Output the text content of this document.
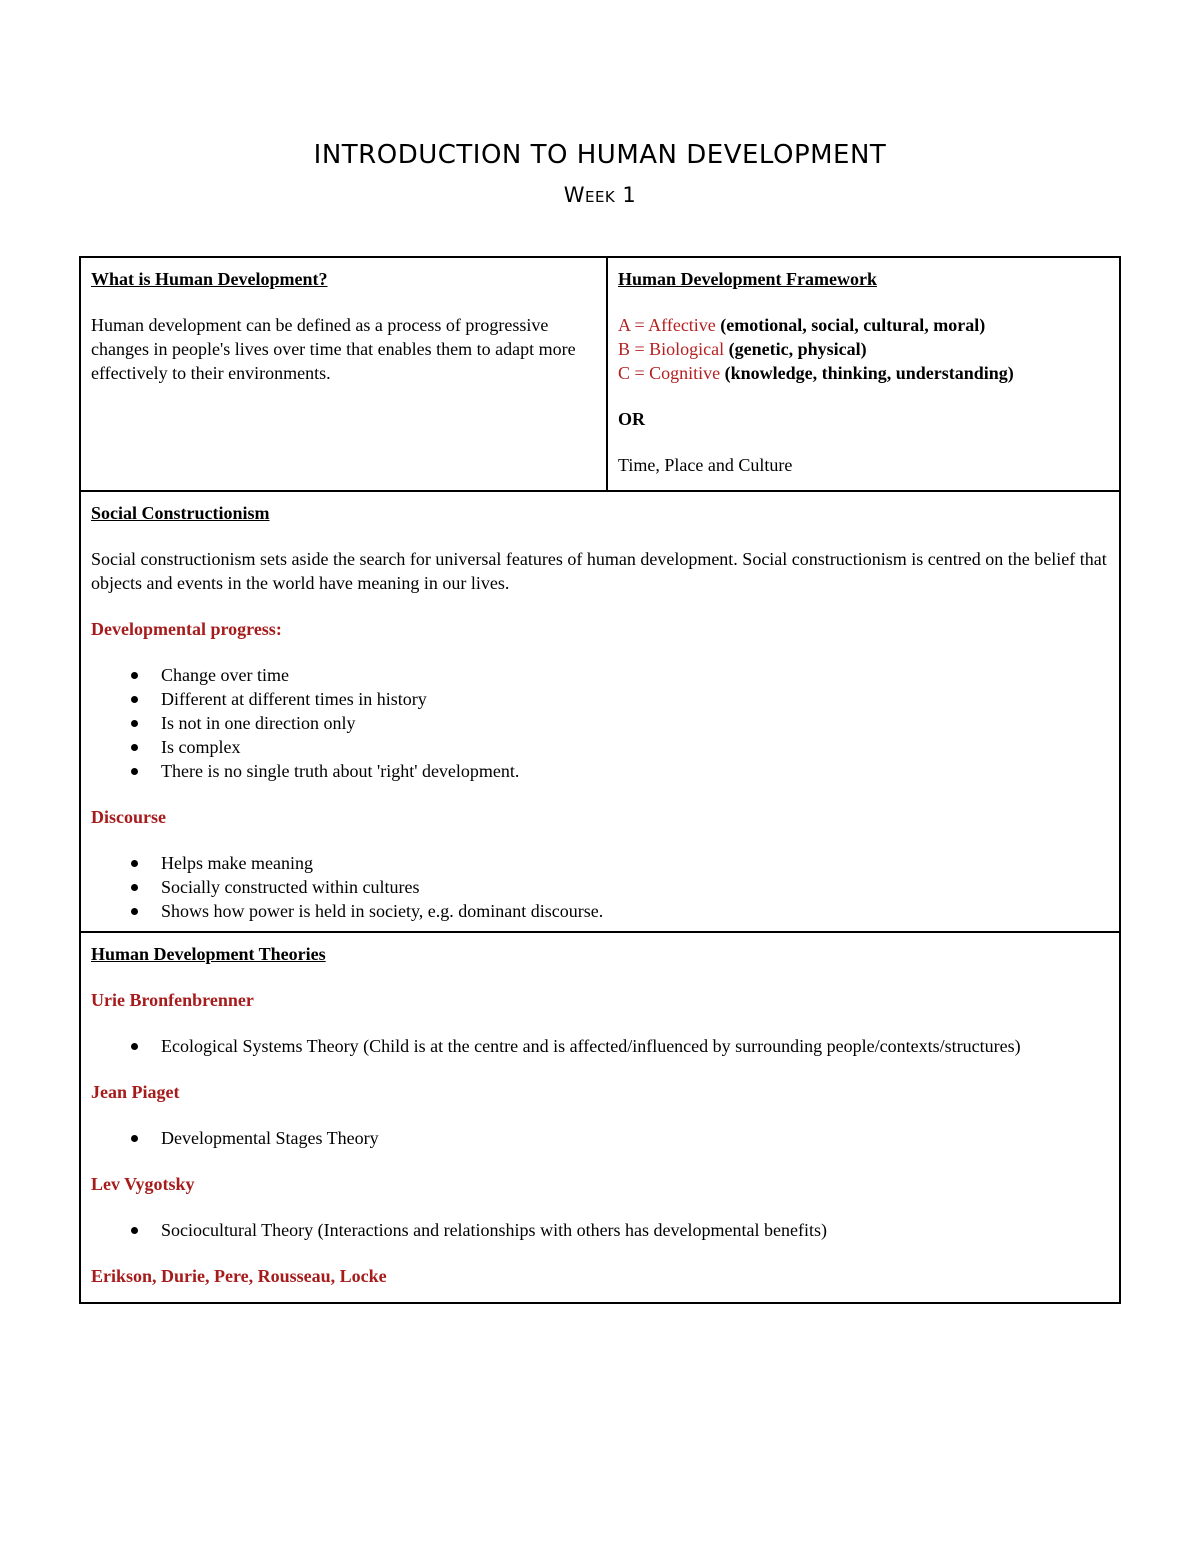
INTRODUCTION TO HUMAN DEVELOPMENT
Week 1

What is Human Development?

Human development can be defined as a process of progressive changes in people's lives over time that enables them to adapt more effectively to their environments.

Human Development Framework

A = Affective (emotional, social, cultural, moral)

B = Biological (genetic, physical)

C = Cognitive (knowledge, thinking, understanding)

OR

Time, Place and Culture

Social Constructionism

Social constructionism sets aside the search for universal features of human development. Social constructionism is centred on the belief that objects and events in the world have meaning in our lives.

Developmental progress:

Change over time
Different at different times in history
Is not in one direction only
Is complex
There is no single truth about 'right' development.

Discourse

Helps make meaning
Socially constructed within cultures
Shows how power is held in society, e.g. dominant discourse.

Human Development Theories

Urie Bronfenbrenner

Ecological Systems Theory (Child is at the centre and is affected/influenced by surrounding people/contexts/structures)

Jean Piaget

Developmental Stages Theory

Lev Vygotsky

Sociocultural Theory (Interactions and relationships with others has developmental benefits)

Erikson, Durie, Pere, Rousseau, Locke
